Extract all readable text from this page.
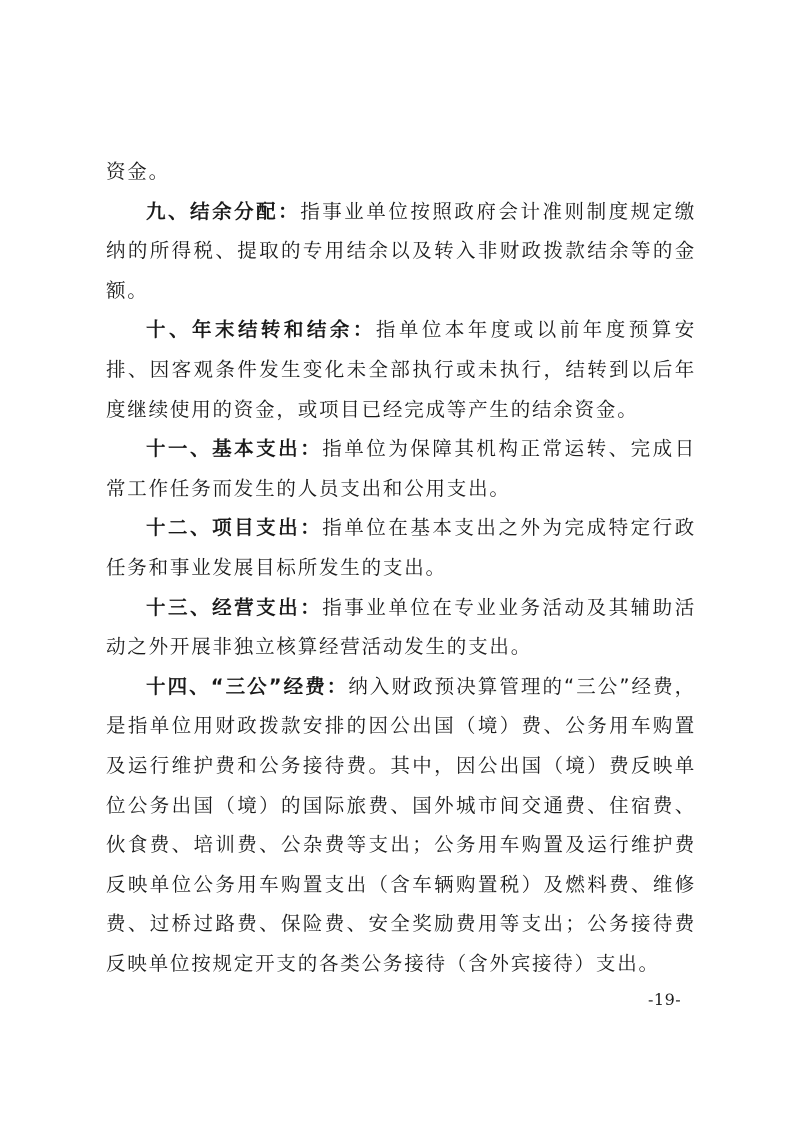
资金。

九、结余分配：指事业单位按照政府会计准则制度规定缴纳的所得税、提取的专用结余以及转入非财政拨款结余等的金额。

十、年末结转和结余：指单位本年度或以前年度预算安排、因客观条件发生变化未全部执行或未执行，结转到以后年度继续使用的资金，或项目已经完成等产生的结余资金。

十一、基本支出：指单位为保障其机构正常运转、完成日常工作任务而发生的人员支出和公用支出。

十二、项目支出：指单位在基本支出之外为完成特定行政任务和事业发展目标所发生的支出。

十三、经营支出：指事业单位在专业业务活动及其辅助活动之外开展非独立核算经营活动发生的支出。

十四、“三公”经费：纳入财政预决算管理的“三公”经费，是指单位用财政拨款安排的因公出国（境）费、公务用车购置及运行维护费和公务接待费。其中，因公出国（境）费反映单位公务出国（境）的国际旅费、国外城市间交通费、住宿费、伙食费、培训费、公杂费等支出；公务用车购置及运行维护费反映单位公务用车购置支出（含车辆购置税）及燃料费、维修费、过桥过路费、保险费、安全奖励费用等支出；公务接待费反映单位按规定开支的各类公务接待（含外宾接待）支出。

-19-
